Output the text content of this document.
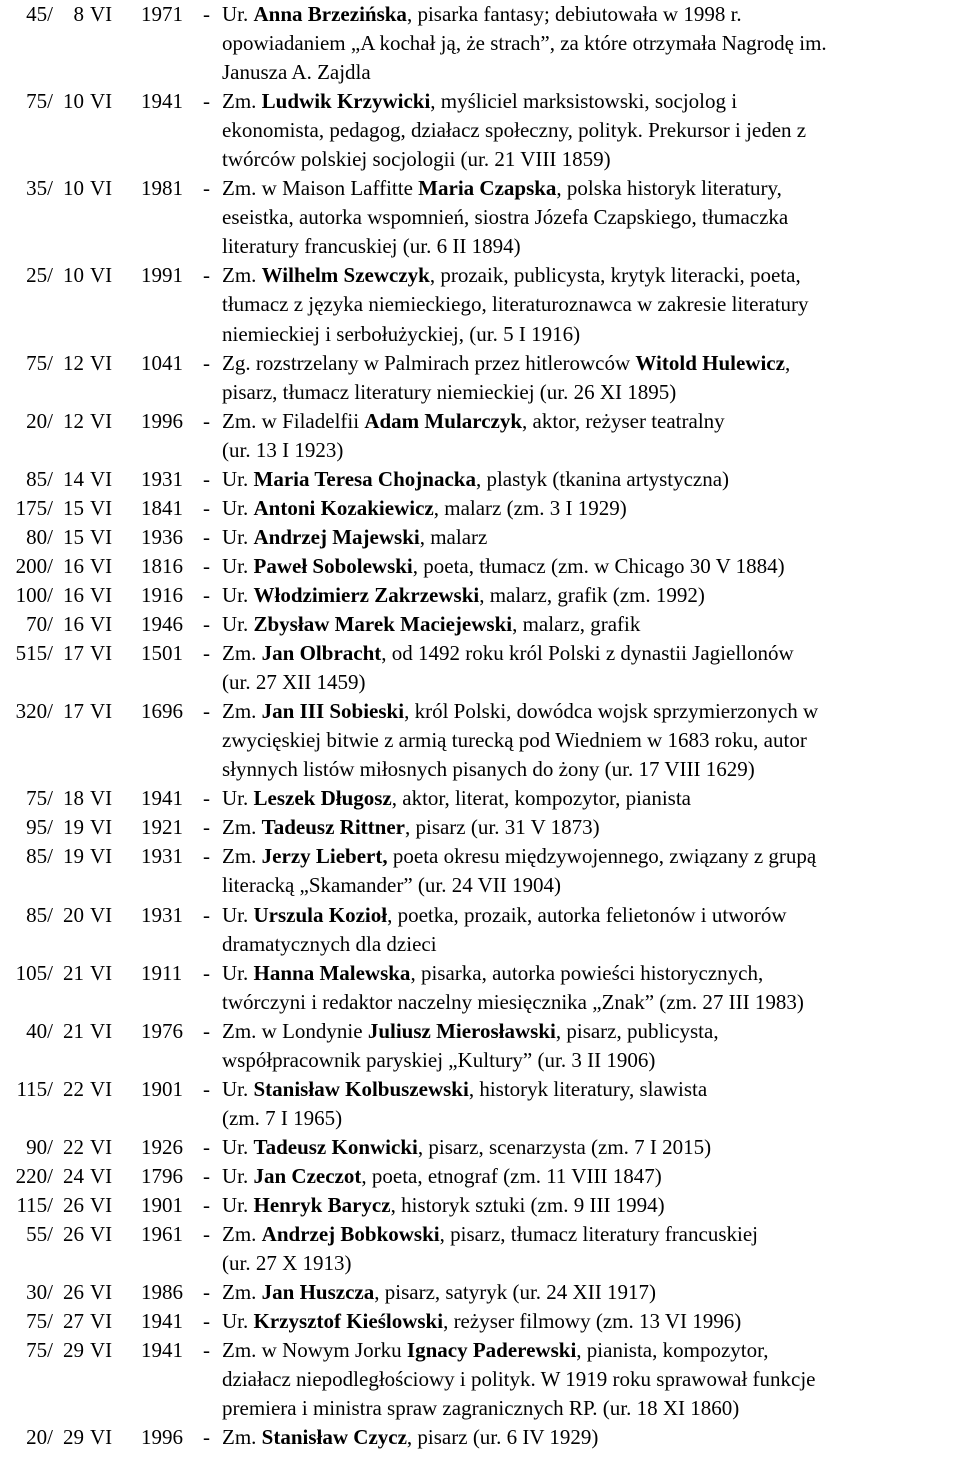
45/ 8 VI 1971 - Ur. Anna Brzezińska, pisarka fantasy; debiutowała w 1998 r.
opowiadaniem „A kochał ją, że strach”, za które otrzymała Nagrodę im.
Janusza A. Zajdla
75/ 10 VI 1941 - Zm. Ludwik Krzywicki, myśliciel marksistowski, socjolog i
ekonomista, pedagog, działacz społeczny, polityk. Prekursor i jeden z
twórców polskiej socjologii (ur. 21 VIII 1859)
35/ 10 VI 1981 - Zm. w Maison Laffitte Maria Czapska, polska historyk literatury,
eseistka, autorka wspomnień, siostra Józefa Czapskiego, tłumaczka
literatury francuskiej (ur. 6 II 1894)
25/ 10 VI 1991 - Zm. Wilhelm Szewczyk, prozaik, publicysta, krytyk literacki, poeta,
tłumacz z języka niemieckiego, literaturoznawca w zakresie literatury
niemieckiej i serbołużyckiej, (ur. 5 I 1916)
75/ 12 VI 1041 - Zg. rozstrzelany w Palmirach przez hitlerowców Witold Hulewicz,
pisarz, tłumacz literatury niemieckiej (ur. 26 XI 1895)
20/ 12 VI 1996 - Zm. w Filadelfii Adam Mularczyk, aktor, reżyser teatralny
(ur. 13 I 1923)
85/ 14 VI 1931 - Ur. Maria Teresa Chojnacka, plastyk (tkanina artystyczna)
175/ 15 VI 1841 - Ur. Antoni Kozakiewicz, malarz (zm. 3 I 1929)
80/ 15 VI 1936 - Ur. Andrzej Majewski, malarz
200/ 16 VI 1816 - Ur. Paweł Sobolewski, poeta, tłumacz (zm. w Chicago 30 V 1884)
100/ 16 VI 1916 - Ur. Włodzimierz Zakrzewski, malarz, grafik (zm. 1992)
70/ 16 VI 1946 - Ur. Zbysław Marek Maciejewski, malarz, grafik
515/ 17 VI 1501 - Zm. Jan Olbracht, od 1492 roku król Polski z dynastii Jagiellonów
(ur. 27 XII 1459)
320/ 17 VI 1696 - Zm. Jan III Sobieski, król Polski, dowódca wojsk sprzymierzonych w
zwycięskiej bitwie z armią turecką pod Wiedniem w 1683 roku, autor
słynnych listów miłosnych pisanych do żony (ur. 17 VIII 1629)
75/ 18 VI 1941 - Ur. Leszek Długosz, aktor, literat, kompozytor, pianista
95/ 19 VI 1921 - Zm. Tadeusz Rittner, pisarz (ur. 31 V 1873)
85/ 19 VI 1931 - Zm. Jerzy Liebert, poeta okresu międzywojennego, związany z grupą
literacką „Skamander” (ur. 24 VII 1904)
85/ 20 VI 1931 - Ur. Urszula Kozioł, poetka, prozaik, autorka felietonów i utworów
dramatycznych dla dzieci
105/ 21 VI 1911 - Ur. Hanna Malewska, pisarka, autorka powieści historycznych,
twórczyni i redaktor naczelny miesięcznika „Znak” (zm. 27 III 1983)
40/ 21 VI 1976 - Zm. w Londynie Juliusz Mierosławski, pisarz, publicysta,
współpracownik paryskiej „Kultury” (ur. 3 II 1906)
115/ 22 VI 1901 - Ur. Stanisław Kolbuszewski, historyk literatury, slawista
(zm. 7 I 1965)
90/ 22 VI 1926 - Ur. Tadeusz Konwicki, pisarz, scenarzysta (zm. 7 I 2015)
220/ 24 VI 1796 - Ur. Jan Czeczot, poeta, etnograf (zm. 11 VIII 1847)
115/ 26 VI 1901 - Ur. Henryk Barycz, historyk sztuki (zm. 9 III 1994)
55/ 26 VI 1961 - Zm. Andrzej Bobkowski, pisarz, tłumacz literatury francuskiej
(ur. 27 X 1913)
30/ 26 VI 1986 - Zm. Jan Huszcza, pisarz, satyryk (ur. 24 XII 1917)
75/ 27 VI 1941 - Ur. Krzysztof Kieślowski, reżyser filmowy (zm. 13 VI 1996)
75/ 29 VI 1941 - Zm. w Nowym Jorku Ignacy Paderewski, pianista, kompozytor,
działacz niepodległościowy i polityk. W 1919 roku sprawował funkcje
premiera i ministra spraw zagranicznych RP. (ur. 18 XI 1860)
20/ 29 VI 1996 - Zm. Stanisław Czycz, pisarz (ur. 6 IV 1929)
